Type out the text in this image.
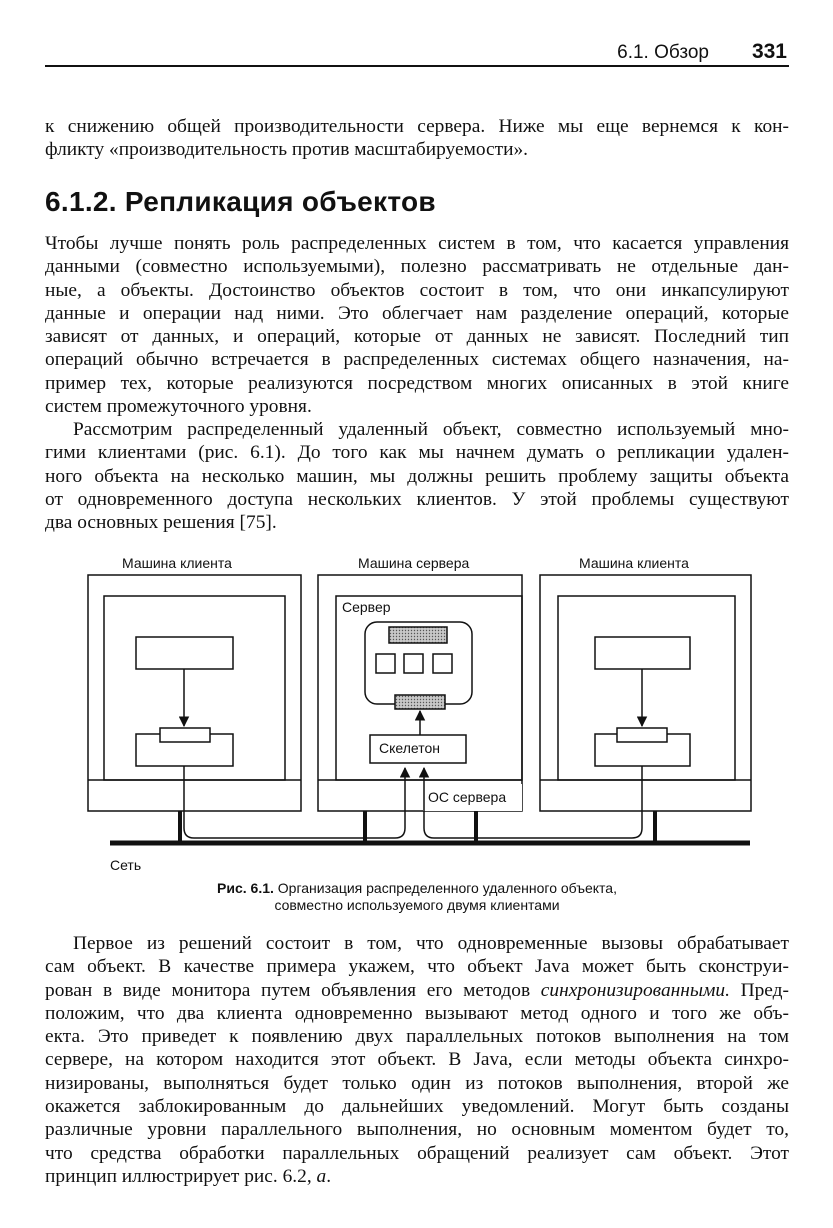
6.1. Обзор 331
к снижению общей производительности сервера. Ниже мы еще вернемся к кон-
фликту «производительность против масштабируемости».
6.1.2. Репликация объектов
Чтобы лучше понять роль распределенных систем в том, что касается управления
данными (совместно используемыми), полезно рассматривать не отдельные дан-
ные, а объекты. Достоинство объектов состоит в том, что они инкапсулируют
данные и операции над ними. Это облегчает нам разделение операций, которые
зависят от данных, и операций, которые от данных не зависят. Последний тип
операций обычно встречается в распределенных системах общего назначения, на-
пример тех, которые реализуются посредством многих описанных в этой книге
систем промежуточного уровня.
Рассмотрим распределенный удаленный объект, совместно используемый мно-
гими клиентами (рис. 6.1). До того как мы начнем думать о репликации удален-
ного объекта на несколько машин, мы должны решить проблему защиты объекта
от одновременного доступа нескольких клиентов. У этой проблемы существуют
два основных решения [75].
Машина клиента	Машина сервера	Машина клиента
Сервер
Скелетон
ОС сервера
Сеть
Рис. 6.1. Организация распределенного удаленного объекта,
совместно используемого двумя клиентами
Первое из решений состоит в том, что одновременные вызовы обрабатывает
сам объект. В качестве примера укажем, что объект Java может быть сконструи-
рован в виде монитора путем объявления его методов синхронизированными. Пред-
положим, что два клиента одновременно вызывают метод одного и того же объ-
екта. Это приведет к появлению двух параллельных потоков выполнения на том
сервере, на котором находится этот объект. В Java, если методы объекта синхро-
низированы, выполняться будет только один из потоков выполнения, второй же
окажется заблокированным до дальнейших уведомлений. Могут быть созданы
различные уровни параллельного выполнения, но основным моментом будет то,
что средства обработки параллельных обращений реализует сам объект. Этот
принцип иллюстрирует рис. 6.2, а.
